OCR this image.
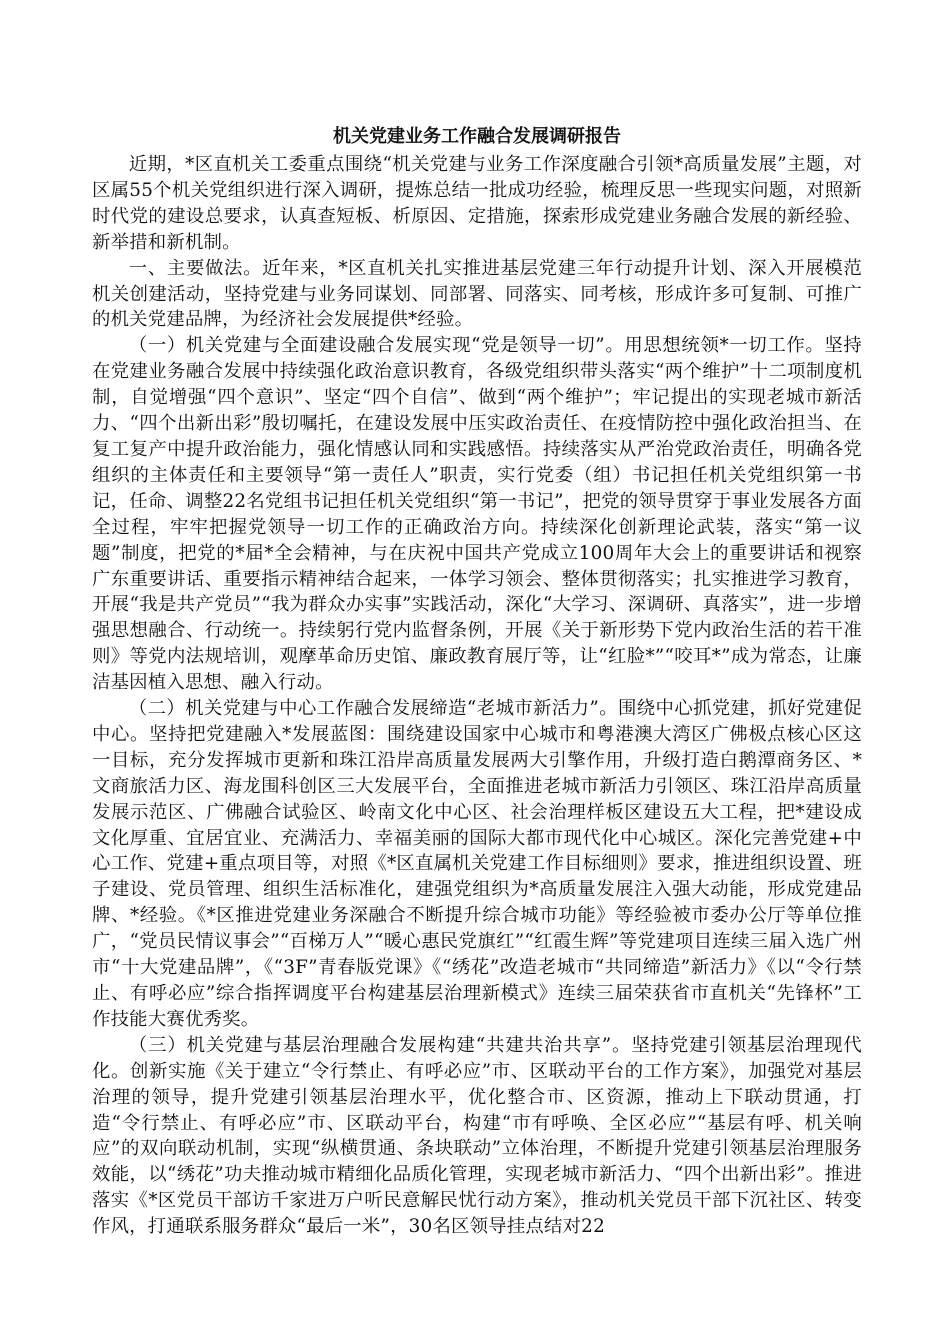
机关党建业务工作融合发展调研报告

近期，*区直机关工委重点围绕“机关党建与业务工作深度融合引领*高质量发展”主题，对区属55个机关党组织进行深入调研，提炼总结一批成功经验，梳理反思一些现实问题，对照新时代党的建设总要求，认真查短板、析原因、定措施，探索形成党建业务融合发展的新经验、新举措和新机制。

一、主要做法。近年来，*区直机关扎实推进基层党建三年行动提升计划、深入开展模范机关创建活动，坚持党建与业务同谋划、同部署、同落实、同考核，形成许多可复制、可推广的机关党建品牌，为经济社会发展提供*经验。

（一）机关党建与全面建设融合发展实现“党是领导一切”。用思想统领*一切工作。坚持在党建业务融合发展中持续强化政治意识教育，各级党组织带头落实“两个维护”十二项制度机制，自觉增强“四个意识”、坚定“四个自信”、做到“两个维护”；牢记提出的实现老城市新活力、“四个出新出彩”殷切嘱托，在建设发展中压实政治责任、在疫情防控中强化政治担当、在复工复产中提升政治能力，强化情感认同和实践感悟。持续落实从严治党政治责任，明确各党组织的主体责任和主要领导“第一责任人”职责，实行党委（组）书记担任机关党组织第一书记，任命、调整22名党组书记担任机关党组织“第一书记”，把党的领导贯穿于事业发展各方面全过程，牢牢把握党领导一切工作的正确政治方向。持续深化创新理论武装，落实“第一议题”制度，把党的*届*全会精神，与在庆祝中国共产党成立100周年大会上的重要讲话和视察广东重要讲话、重要指示精神结合起来，一体学习领会、整体贯彻落实；扎实推进学习教育，开展“我是共产党员”“我为群众办实事”实践活动，深化“大学习、深调研、真落实”，进一步增强思想融合、行动统一。持续躬行党内监督条例，开展《关于新形势下党内政治生活的若干准则》等党内法规培训，观摩革命历史馆、廉政教育展厅等，让“红脸*”“咬耳*”成为常态，让廉洁基因植入思想、融入行动。

（二）机关党建与中心工作融合发展缔造“老城市新活力”。围绕中心抓党建，抓好党建促中心。坚持把党建融入*发展蓝图：围绕建设国家中心城市和粤港澳大湾区广佛极点核心区这一目标，充分发挥城市更新和珠江沿岸高质量发展两大引擎作用，升级打造白鹅潭商务区、*文商旅活力区、海龙围科创区三大发展平台，全面推进老城市新活力引领区、珠江沿岸高质量发展示范区、广佛融合试验区、岭南文化中心区、社会治理样板区建设五大工程，把*建设成文化厚重、宜居宜业、充满活力、幸福美丽的国际大都市现代化中心城区。深化完善党建+中心工作、党建+重点项目等，对照《*区直属机关党建工作目标细则》要求，推进组织设置、班子建设、党员管理、组织生活标准化，建强党组织为*高质量发展注入强大动能，形成党建品牌、*经验。《*区推进党建业务深融合不断提升综合城市功能》等经验被市委办公厅等单位推广，“党员民情议事会”“百梯万人”“暖心惠民党旗红”“红霞生辉”等党建项目连续三届入选广州市“十大党建品牌”，《“3F”青春版党课》《“绣花”改造老城市“共同缔造”新活力》《以“令行禁止、有呼必应”综合指挥调度平台构建基层治理新模式》连续三届荣获省市直机关“先锋杯”工作技能大赛优秀奖。

（三）机关党建与基层治理融合发展构建“共建共治共享”。坚持党建引领基层治理现代化。创新实施《关于建立“令行禁止、有呼必应”市、区联动平台的工作方案》，加强党对基层治理的领导，提升党建引领基层治理水平，优化整合市、区资源，推动上下联动贯通，打造“令行禁止、有呼必应”市、区联动平台，构建“市有呼唤、全区必应”“基层有呼、机关响应”的双向联动机制，实现“纵横贯通、条块联动”立体治理，不断提升党建引领基层治理服务效能，以“绣花”功夫推动城市精细化品质化管理，实现老城市新活力、“四个出新出彩”。推进落实《*区党员干部访千家进万户听民意解民忧行动方案》，推动机关党员干部下沉社区、转变作风，打通联系服务群众“最后一米”，30名区领导挂点结对22
